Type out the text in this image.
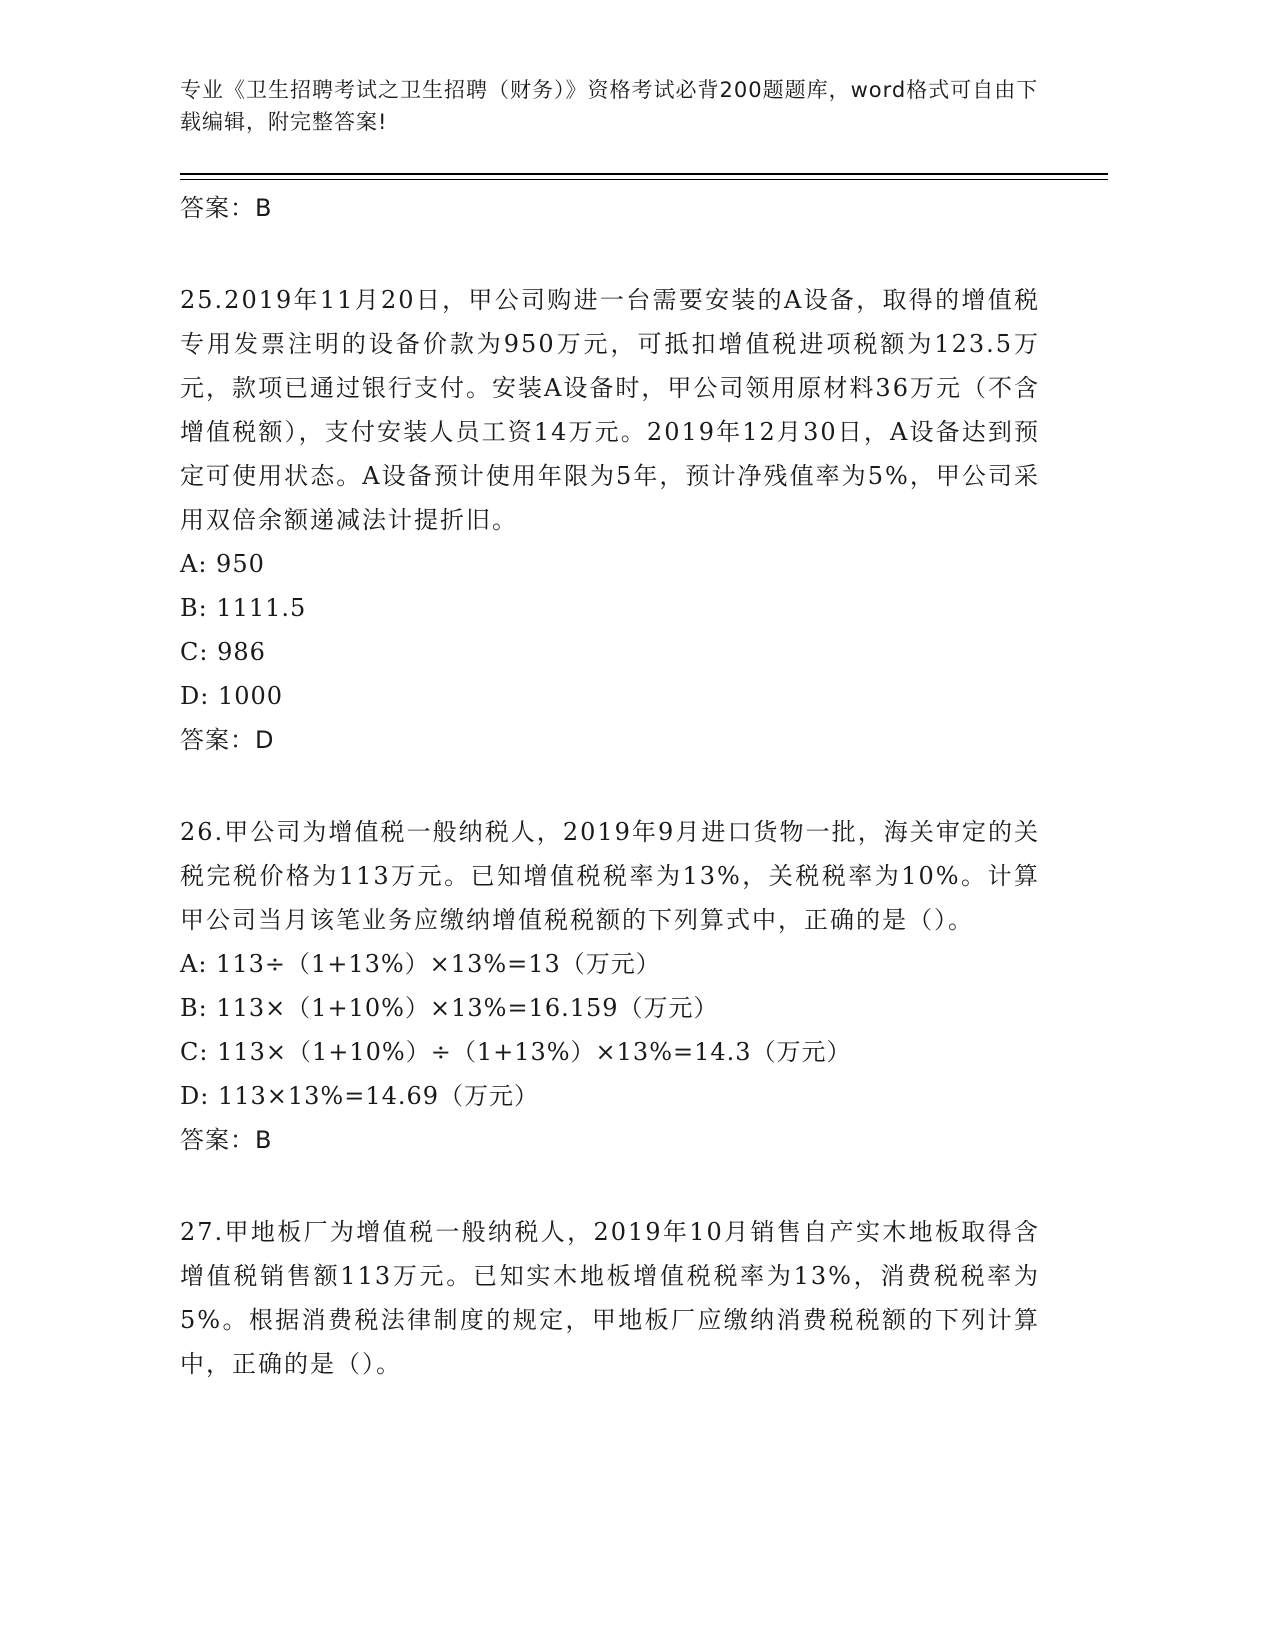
专业《卫生招聘考试之卫生招聘（财务）》资格考试必背200题题库，word格式可自由下载编辑，附完整答案!
答案：B
25.2019年11月20日，甲公司购进一台需要安装的A设备，取得的增值税专用发票注明的设备价款为950万元，可抵扣增值税进项税额为123.5万元，款项已通过银行支付。安装A设备时，甲公司领用原材料36万元（不含增值税额），支付安装人员工资14万元。2019年12月30日，A设备达到预定可使用状态。A设备预计使用年限为5年，预计净残值率为5%，甲公司采用双倍余额递减法计提折旧。
A: 950
B: 1111.5
C: 986
D: 1000
答案：D
26.甲公司为增值税一般纳税人，2019年9月进口货物一批，海关审定的关税完税价格为113万元。已知增值税税率为13%，关税税率为10%。计算甲公司当月该笔业务应缴纳增值税税额的下列算式中，正确的是（）。
A: 113÷（1+13%）×13%=13（万元）
B: 113×（1+10%）×13%=16.159（万元）
C: 113×（1+10%）÷（1+13%）×13%=14.3（万元）
D: 113×13%=14.69（万元）
答案：B
27.甲地板厂为增值税一般纳税人，2019年10月销售自产实木地板取得含增值税销售额113万元。已知实木地板增值税税率为13%，消费税税率为5%。根据消费税法律制度的规定，甲地板厂应缴纳消费税税额的下列计算中，正确的是（）。
